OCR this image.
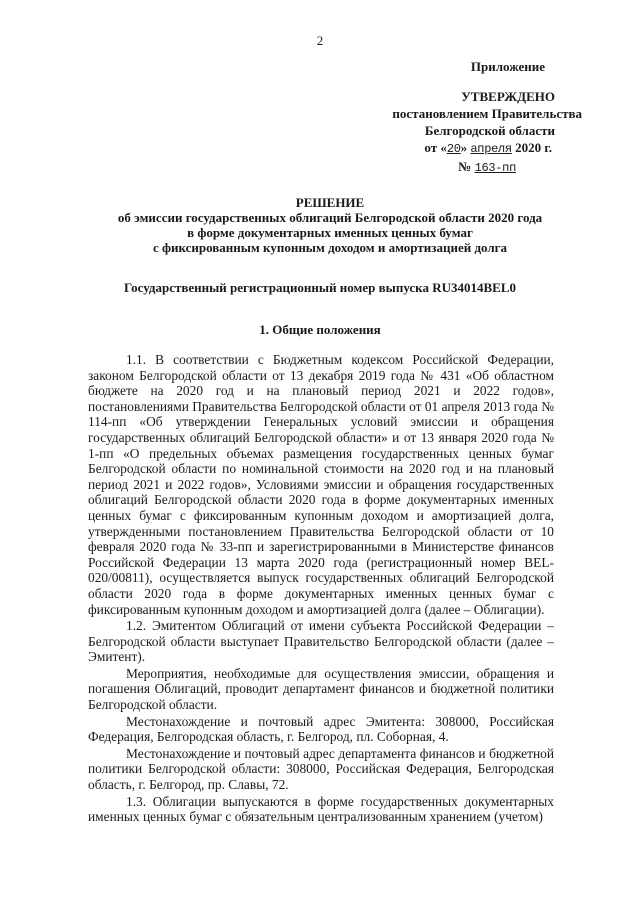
2
Приложение
УТВЕРЖДЕНО
постановлением Правительства
Белгородской области
от «20» апреля 2020 г.
№ 163-пп
РЕШЕНИЕ
об эмиссии государственных облигаций Белгородской области 2020 года
в форме документарных именных ценных бумаг
с фиксированным купонным доходом и амортизацией долга
Государственный регистрационный номер выпуска RU34014BEL0
1. Общие положения

1.1. В соответствии с Бюджетным кодексом Российской Федерации, законом Белгородской области от 13 декабря 2019 года № 431 «Об областном бюджете на 2020 год и на плановый период 2021 и 2022 годов», постановлениями Правительства Белгородской области от 01 апреля 2013 года № 114-пп «Об утверждении Генеральных условий эмиссии и обращения государственных облигаций Белгородской области» и от 13 января 2020 года № 1-пп «О предельных объемах размещения государственных ценных бумаг Белгородской области по номинальной стоимости на 2020 год и на плановый период 2021 и 2022 годов», Условиями эмиссии и обращения государственных облигаций Белгородской области 2020 года в форме документарных именных ценных бумаг с фиксированным купонным доходом и амортизацией долга, утвержденными постановлением Правительства Белгородской области от 10 февраля 2020 года № 33-пп и зарегистрированными в Министерстве финансов Российской Федерации 13 марта 2020 года (регистрационный номер BEL-020/00811), осуществляется выпуск государственных облигаций Белгородской области 2020 года в форме документарных именных ценных бумаг с фиксированным купонным доходом и амортизацией долга (далее – Облигации).

1.2. Эмитентом Облигаций от имени субъекта Российской Федерации – Белгородской области выступает Правительство Белгородской области (далее – Эмитент).

Мероприятия, необходимые для осуществления эмиссии, обращения и погашения Облигаций, проводит департамент финансов и бюджетной политики Белгородской области.

Местонахождение и почтовый адрес Эмитента: 308000, Российская Федерация, Белгородская область, г. Белгород, пл. Соборная, 4.

Местонахождение и почтовый адрес департамента финансов и бюджетной политики Белгородской области: 308000, Российская Федерация, Белгородская область, г. Белгород, пр. Славы, 72.

1.3. Облигации выпускаются в форме государственных документарных именных ценных бумаг с обязательным централизованным хранением (учетом)
